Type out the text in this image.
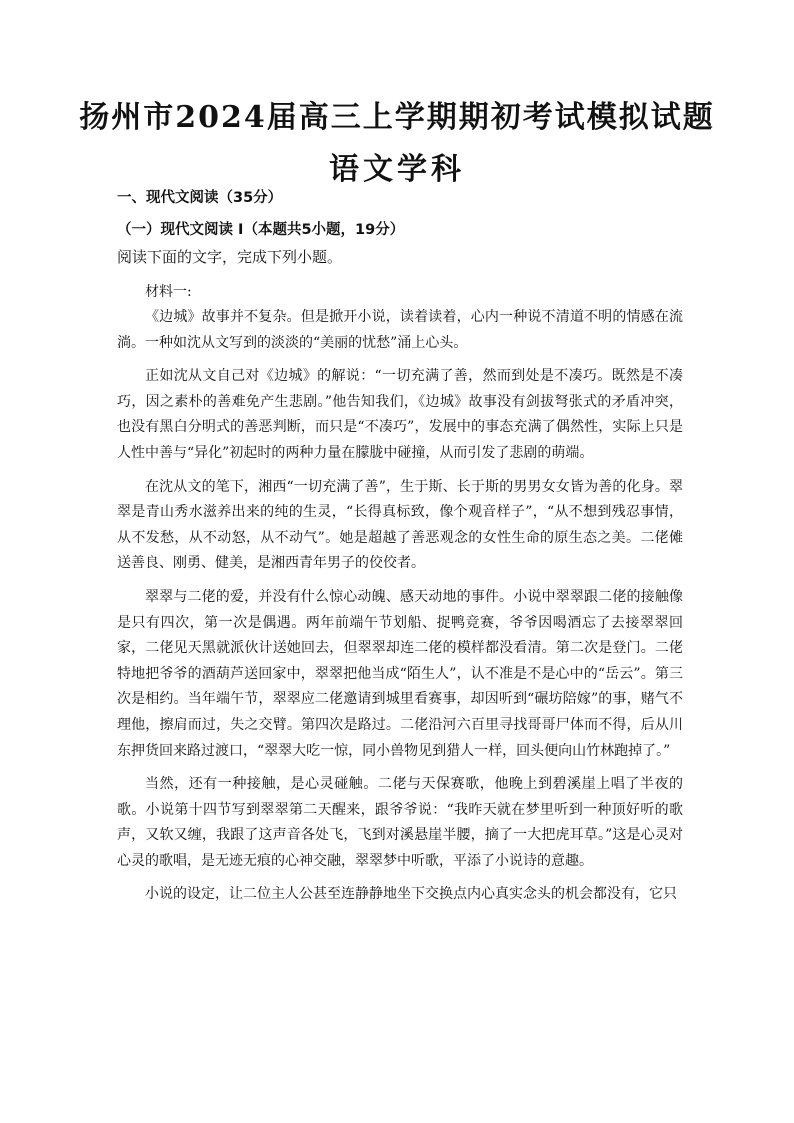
扬州市2024届高三上学期期初考试模拟试题
语文学科

一、现代文阅读（35分）

（一）现代文阅读 I（本题共5小题，19分）

阅读下面的文字，完成下列小题。

材料一:

《边城》故事并不复杂。但是掀开小说，读着读着，心内一种说不清道不明的情感在流淌。一种如沈从文写到的淡淡的“美丽的忧愁”涌上心头。

正如沈从文自己对《边城》的解说：“一切充满了善，然而到处是不凑巧。既然是不凑巧，因之素朴的善难免产生悲剧。”他告知我们，《边城》故事没有剑拔弩张式的矛盾冲突，也没有黑白分明式的善恶判断，而只是“不凑巧”，发展中的事态充满了偶然性，实际上只是人性中善与“异化”初起时的两种力量在朦胧中碰撞，从而引发了悲剧的萌端。

在沈从文的笔下，湘西“一切充满了善”，生于斯、长于斯的男男女女皆为善的化身。翠翠是青山秀水滋养出来的纯的生灵，“长得真标致，像个观音样子”，“从不想到残忍事情，从不发愁，从不动怒，从不动气”。她是超越了善恶观念的女性生命的原生态之美。二佬傩送善良、刚勇、健美，是湘西青年男子的佼佼者。

翠翠与二佬的爱，并没有什么惊心动魄、感天动地的事件。小说中翠翠跟二佬的接触像是只有四次，第一次是偶遇。两年前端午节划船、捉鸭竞赛，爷爷因喝酒忘了去接翠翠回家，二佬见天黑就派伙计送她回去，但翠翠却连二佬的模样都没看清。第二次是登门。二佬特地把爷爷的酒葫芦送回家中，翠翠把他当成“陌生人”，认不准是不是心中的“岳云”。第三次是相约。当年端午节，翠翠应二佬邀请到城里看赛事，却因听到“碾坊陪嫁”的事，赌气不理他，擦肩而过，失之交臂。第四次是路过。二佬沿河六百里寻找哥哥尸体而不得，后从川东押货回来路过渡口，“翠翠大吃一惊，同小兽物见到猎人一样，回头便向山竹林跑掉了。”

当然，还有一种接触，是心灵碰触。二佬与天保赛歌，他晚上到碧溪崖上唱了半夜的歌。小说第十四节写到翠翠第二天醒来，跟爷爷说：“我昨天就在梦里听到一种顶好听的歌声，又软又缠，我跟了这声音各处飞，飞到对溪悬崖半腰，摘了一大把虎耳草。”这是心灵对心灵的歌唱，是无迹无痕的心神交融，翠翠梦中听歌，平添了小说诗的意趣。

小说的设定，让二位主人公甚至连静静地坐下交换点内心真实念头的机会都没有，它只
